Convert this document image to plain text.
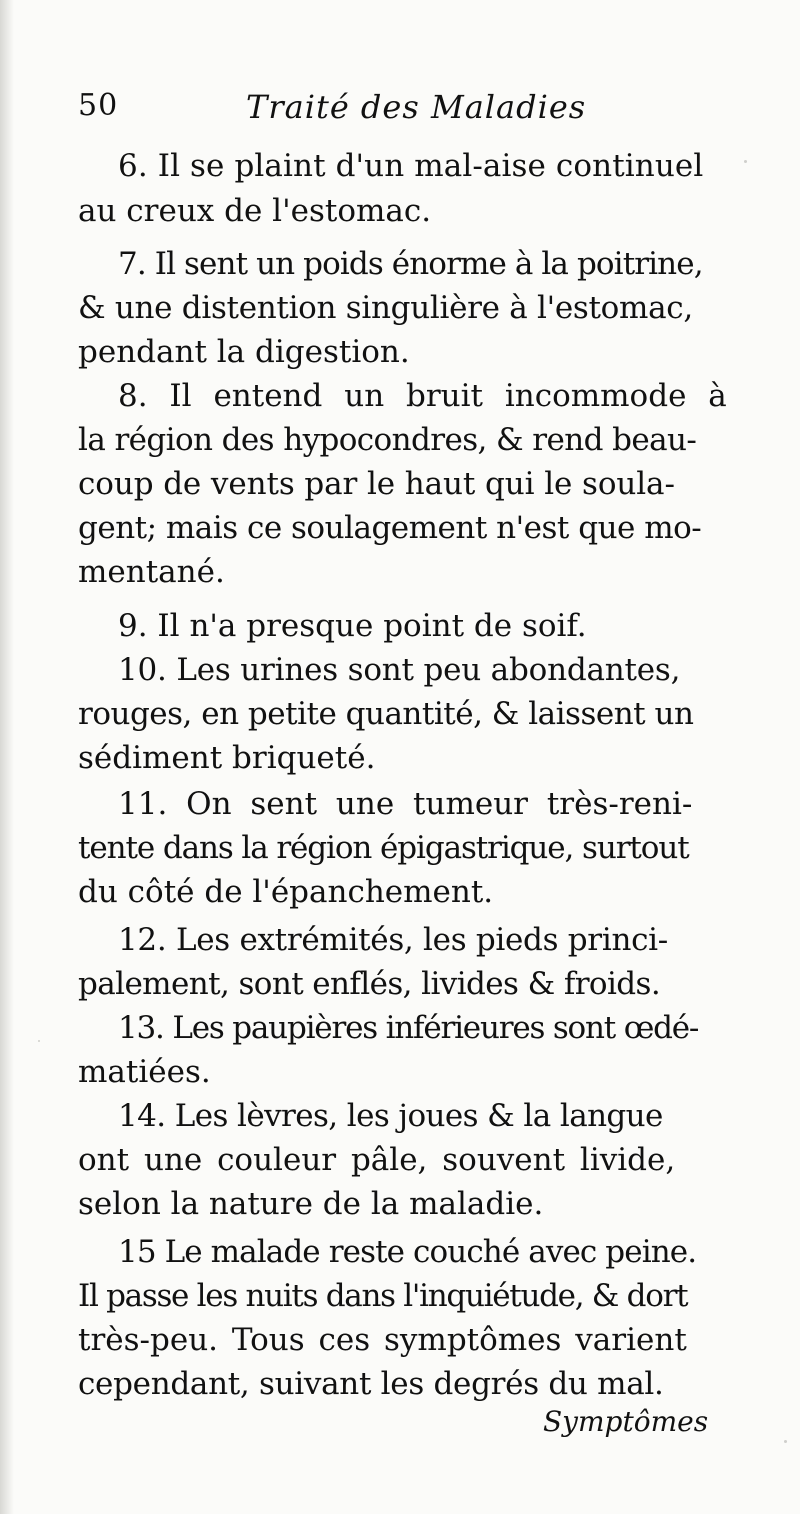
50	Traité des Maladies
6. Il se plaint d'un mal-aise continuel
au creux de l'estomac.
7. Il sent un poids énorme à la poitrine,
& une distention singulière à l'estomac,
pendant la digestion.
8. Il entend un bruit incommode à
la région des hypocondres, & rend beau-
coup de vents par le haut qui le soula-
gent; mais ce soulagement n'est que mo-
mentané.
9. Il n'a presque point de soif.
10. Les urines sont peu abondantes,
rouges, en petite quantité, & laissent un
sédiment briqueté.
11. On sent une tumeur très-reni-
tente dans la région épigastrique, surtout
du côté de l'épanchement.
12. Les extrémités, les pieds princi-
palement, sont enflés, livides & froids.
13. Les paupières inférieures sont œdé-
matiées.
14. Les lèvres, les joues & la langue
ont une couleur pâle, souvent livide,
selon la nature de la maladie.
15 Le malade reste couché avec peine.
Il passe les nuits dans l'inquiétude, & dort
très-peu. Tous ces symptômes varient
cependant, suivant les degrés du mal.
Symptômes
